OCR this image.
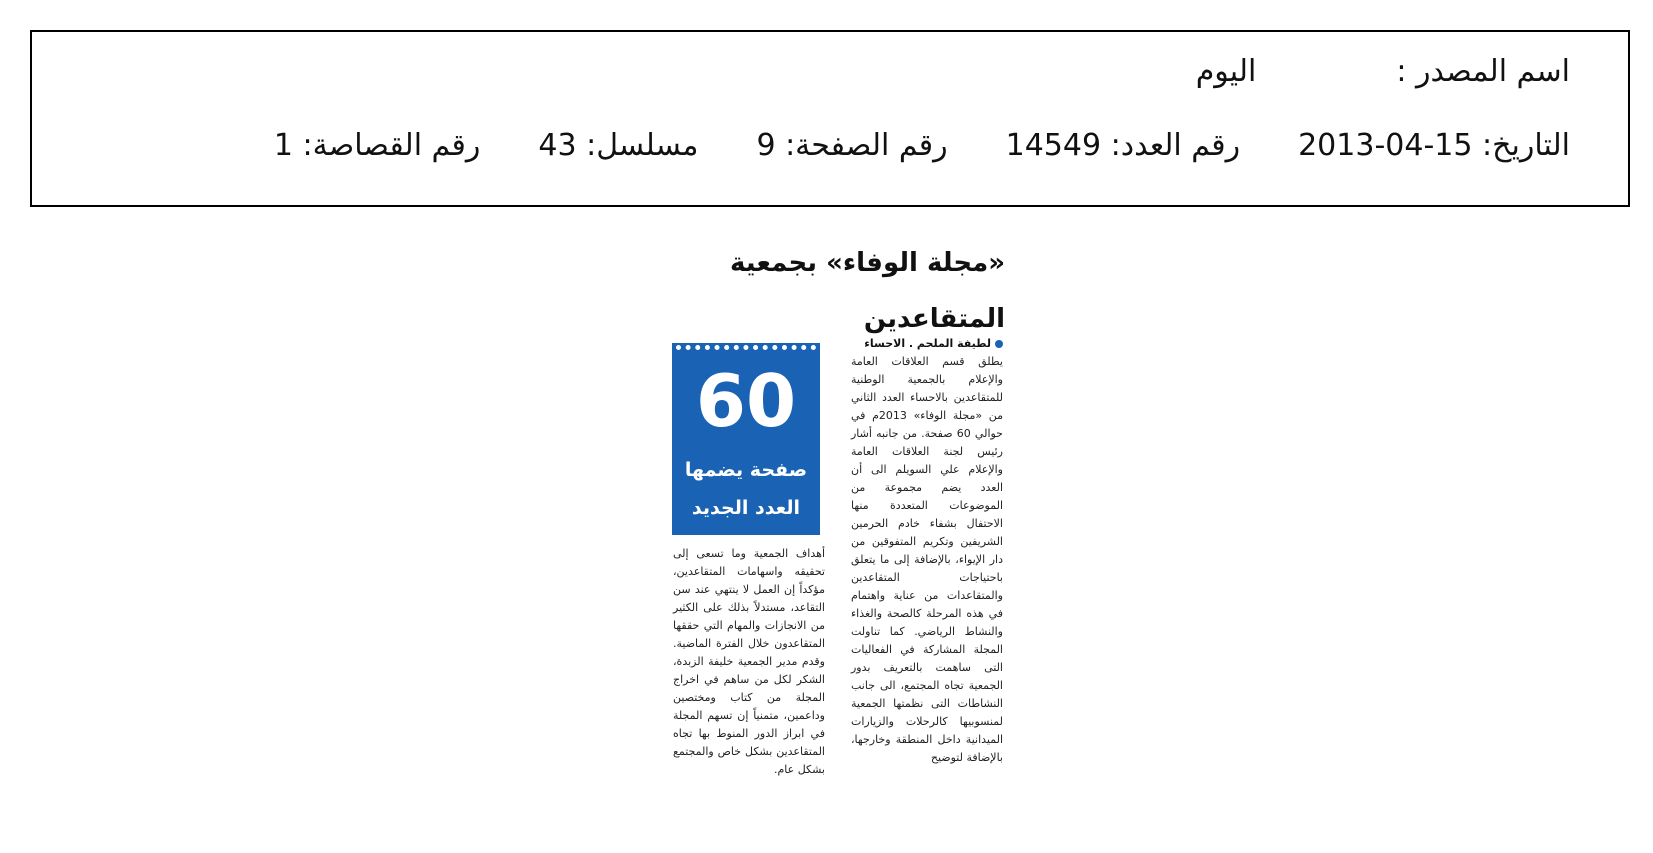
اسم المصدر :اليوم
التاريخ: 15-04-2013رقم العدد: 14549رقم الصفحة: 9مسلسل: 43رقم القصاصة: 1
«مجلة الوفاء» بجمعية
المتقاعدين
لطيفة الملحم . الاحساء

يطلق قسم العلاقات العامة والإعلام بالجمعية الوطنية للمتقاعدين بالاحساء العدد الثاني من «مجلة الوفاء» 2013م في حوالي 60 صفحة. من جانبه أشار رئيس لجنة العلاقات العامة والإعلام علي السويلم الى أن العدد يضم مجموعة من الموضوعات المتعددة منها الاحتفال بشفاء خادم الحرمين الشريفين وتكريم المتفوقين من دار الإيواء، بالإضافة إلى ما يتعلق باحتياجات المتقاعدين والمتقاعدات من عناية واهتمام في هذه المرحلة كالصحة والغذاء والنشاط الرياضي. كما تناولت المجلة المشاركة في الفعاليات التى ساهمت بالتعريف بدور الجمعية تجاه المجتمع، الى جانب النشاطات التى نظمتها الجمعية لمنسوبيها كالرحلات والزيارات الميدانية داخل المنطقة وخارجها، بالإضافة لتوضيح

أهداف الجمعية وما تسعى إلى تحقيقه واسهامات المتقاعدين، مؤكداً إن العمل لا ينتهي عند سن التقاعد، مستدلاً بذلك على الكثير من الانجازات والمهام التي حققها المتقاعدون خلال الفترة الماضية. وقدم مدير الجمعية خليفة الزبدة، الشكر لكل من ساهم في اخراج المجلة من كتاب ومختصين وداعمين، متمنياً إن تسهم المجلة في ابراز الدور المنوط بها تجاه المتقاعدين بشكل خاص والمجتمع بشكل عام.

60
صفحة يضمها
العدد الجديد
